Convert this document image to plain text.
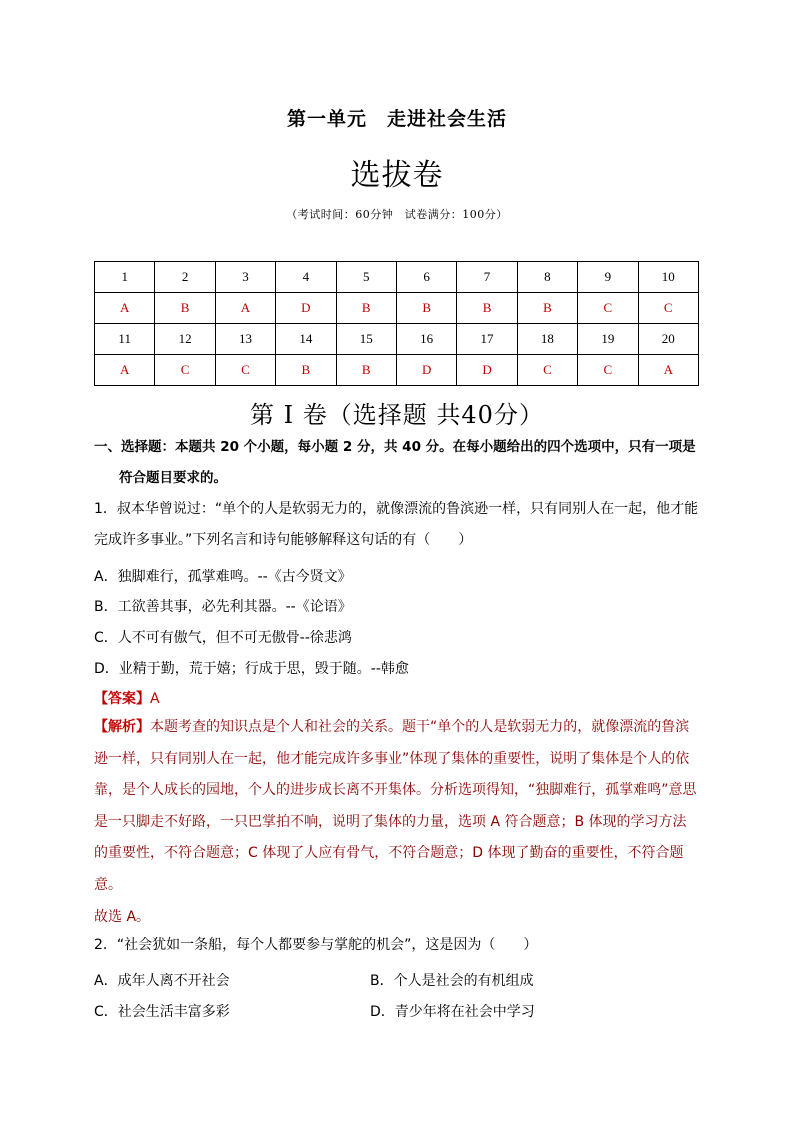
第一单元　走进社会生活
选拔卷
（考试时间：60分钟　试卷满分：100分）
1	2	3	4	5	6	7	8	9	10
A	B	A	D	B	B	B	B	C	C
11	12	13	14	15	16	17	18	19	20
A	C	C	B	B	D	D	C	C	A
第 I 卷（选择题 共40分）
一、选择题：本题共 20 个小题，每小题 2 分，共 40 分。在每小题给出的四个选项中，只有一项是
符合题目要求的。
1．叔本华曾说过：“单个的人是软弱无力的，就像漂流的鲁滨逊一样，只有同别人在一起，他才能完成许多事业。”下列名言和诗句能够解释这句话的有（　　）
A．独脚难行，孤掌难鸣。--《古今贤文》
B．工欲善其事，必先利其器。--《论语》
C．人不可有傲气，但不可无傲骨--徐悲鸿
D．业精于勤，荒于嬉；行成于思，毁于随。--韩愈
【答案】A
【解析】本题考查的知识点是个人和社会的关系。题干“单个的人是软弱无力的，就像漂流的鲁滨逊一样，只有同别人在一起，他才能完成许多事业”体现了集体的重要性，说明了集体是个人的依靠，是个人成长的园地，个人的进步成长离不开集体。分析选项得知，“独脚难行，孤掌难鸣”意思是一只脚走不好路，一只巴掌拍不响，说明了集体的力量，选项 A 符合题意；B 体现的学习方法的重要性，不符合题意；C 体现了人应有骨气，不符合题意；D 体现了勤奋的重要性，不符合题意。
故选 A。
2．“社会犹如一条船，每个人都要参与掌舵的机会”，这是因为（　　）
A．成年人离不开社会	B．个人是社会的有机组成
C．社会生活丰富多彩	D．青少年将在社会中学习
